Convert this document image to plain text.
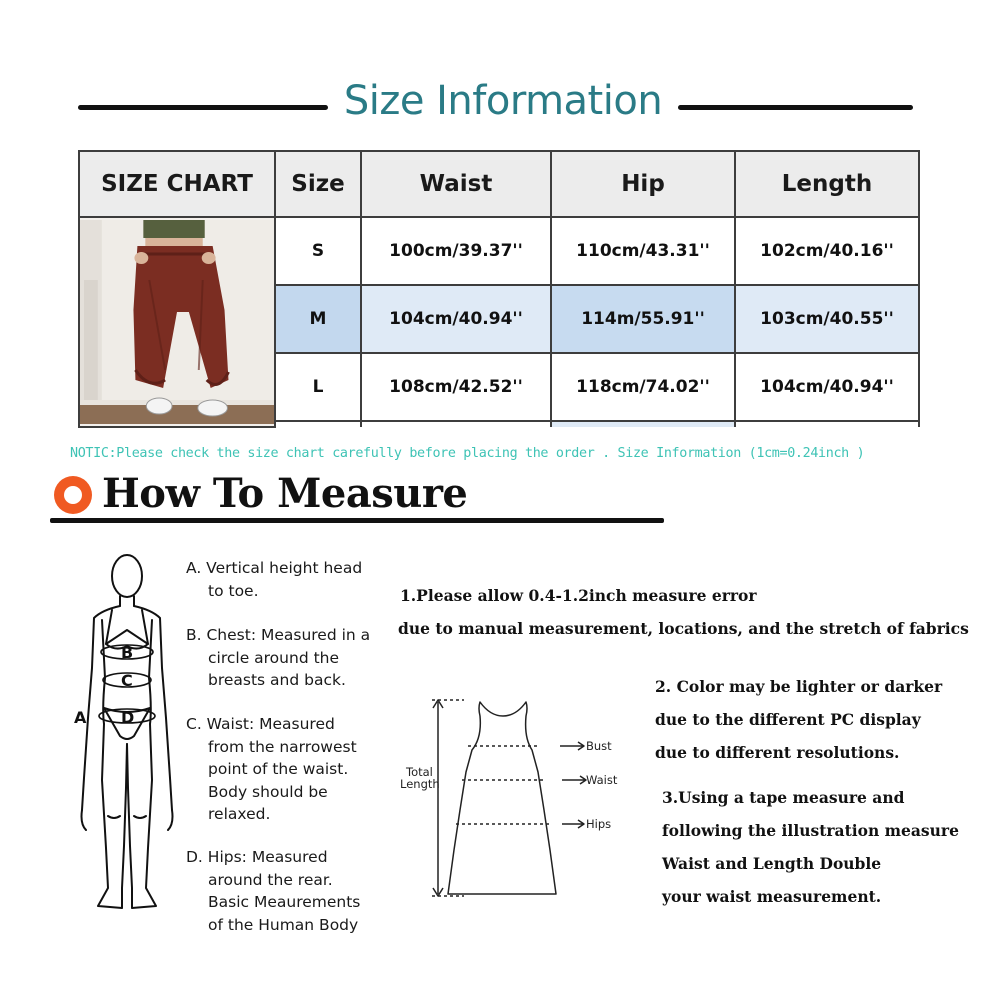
Size Information
SIZE CHART	Size	Waist	Hip	Length

	S	100cm/39.37''	110cm/43.31''	102cm/40.16''
	M	104cm/40.94''	114m/55.91''	103cm/40.55''
	L	108cm/42.52''	118cm/74.02''	104cm/40.94''

NOTIC:Please check the size chart carefully before placing the order . Size Information (1cm=0.24inch )
How To Measure
A
B
C
D
A. Vertical height head
to toe.
B. Chest: Measured in a
circle around the
breasts and back.
C. Waist: Measured
from the narrowest
point of the waist.
Body should be
relaxed.
D. Hips: Measured
around the rear.
Basic Meaurements
of the Human Body
1.Please allow 0.4-1.2inch measure error
due to manual measurement, locations, and the stretch of fabrics
2. Color may be lighter or darker
due to the different PC display
due to different resolutions.
3.Using a tape measure and
following the illustration measure
Waist and Length Double
your waist measurement.
Total
Length
Bust
Waist
Hips
